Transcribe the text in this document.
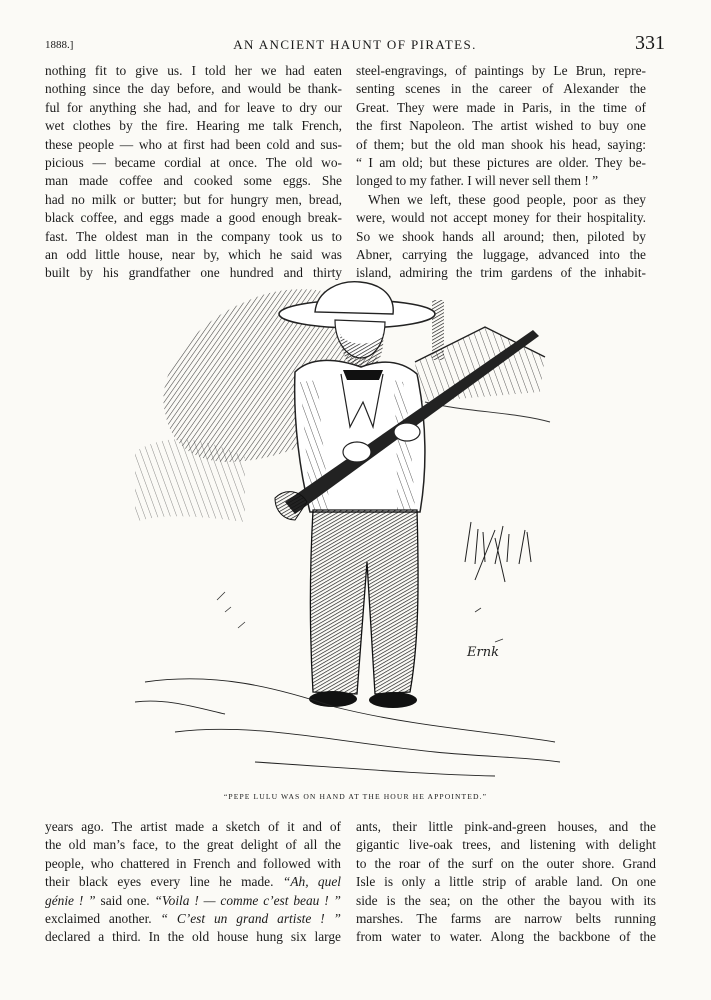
1888.]	AN ANCIENT HAUNT OF PIRATES.	331
nothing fit to give us. I told her we had eaten
nothing since the day before, and would be thank-
ful for anything she had, and for leave to dry our
wet clothes by the fire. Hearing me talk French,
these people — who at first had been cold and sus-
picious — became cordial at once. The old wo-
man made coffee and cooked some eggs. She
had no milk or butter; but for hungry men, bread,
black coffee, and eggs made a good enough break-
fast. The oldest man in the company took us to
an odd little house, near by, which he said was
built by his grandfather one hundred and thirty
steel-engravings, of paintings by Le Brun, repre-
senting scenes in the career of Alexander the
Great. They were made in Paris, in the time of
the first Napoleon. The artist wished to buy one
of them; but the old man shook his head, saying:
“ I am old; but these pictures are older. They be-
longed to my father. I will never sell them ! ”
When we left, these good people, poor as they
were, would not accept money for their hospitality.
So we shook hands all around; then, piloted by
Abner, carrying the luggage, advanced into the
island, admiring the trim gardens of the inhabit-
Ernk
“PEPE LULU WAS ON HAND AT THE HOUR HE APPOINTED.”
years ago. The artist made a sketch of it and of
the old man’s face, to the great delight of all the
people, who chattered in French and followed with
their black eyes every line he made. “Ah, quel
génie ! ” said one. “Voila ! — comme c’est beau ! ”
exclaimed another. “ C’est un grand artiste ! ”
declared a third. In the old house hung six large
ants, their little pink-and-green houses, and the
gigantic live-oak trees, and listening with delight
to the roar of the surf on the outer shore. Grand
Isle is only a little strip of arable land. On one
side is the sea; on the other the bayou with its
marshes. The farms are narrow belts running
from water to water. Along the backbone of the
